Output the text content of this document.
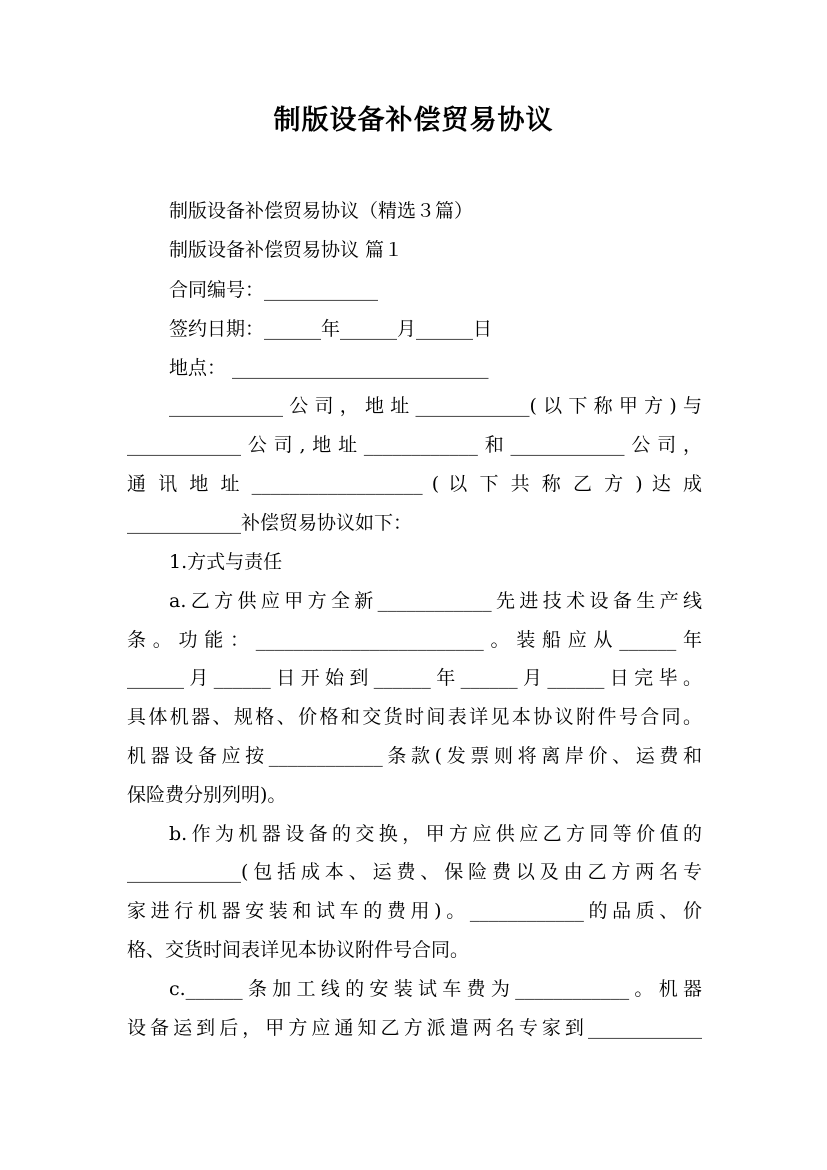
制版设备补偿贸易协议

制版设备补偿贸易协议（精选３篇）

制版设备补偿贸易协议 篇１

合同编号：____________

签约日期：______年______月______日

地点： ___________________________

____________公司，地址____________(以下称甲方)与

____________公司,地址____________和____________公司，

通 讯 地 址 __________________ ( 以 下 共 称 乙 方 ) 达 成

____________补偿贸易协议如下：

1.方式与责任

a.乙方供应甲方全新____________先进技术设备生产线

条。功能：________________________。装船应从______年

______月______日开始到______年______月______日完毕。

具体机器、规格、价格和交货时间表详见本协议附件号合同。

机器设备应按____________条款(发票则将离岸价、运费和

保险费分别列明)。

b.作为机器设备的交换，甲方应供应乙方同等价值的

____________(包括成本、运费、保险费以及由乙方两名专

家进行机器安装和试车的费用)。____________的品质、价

格、交货时间表详见本协议附件号合同。

c.______条加工线的安装试车费为____________。机器

设备运到后，甲方应通知乙方派遣两名专家到____________
